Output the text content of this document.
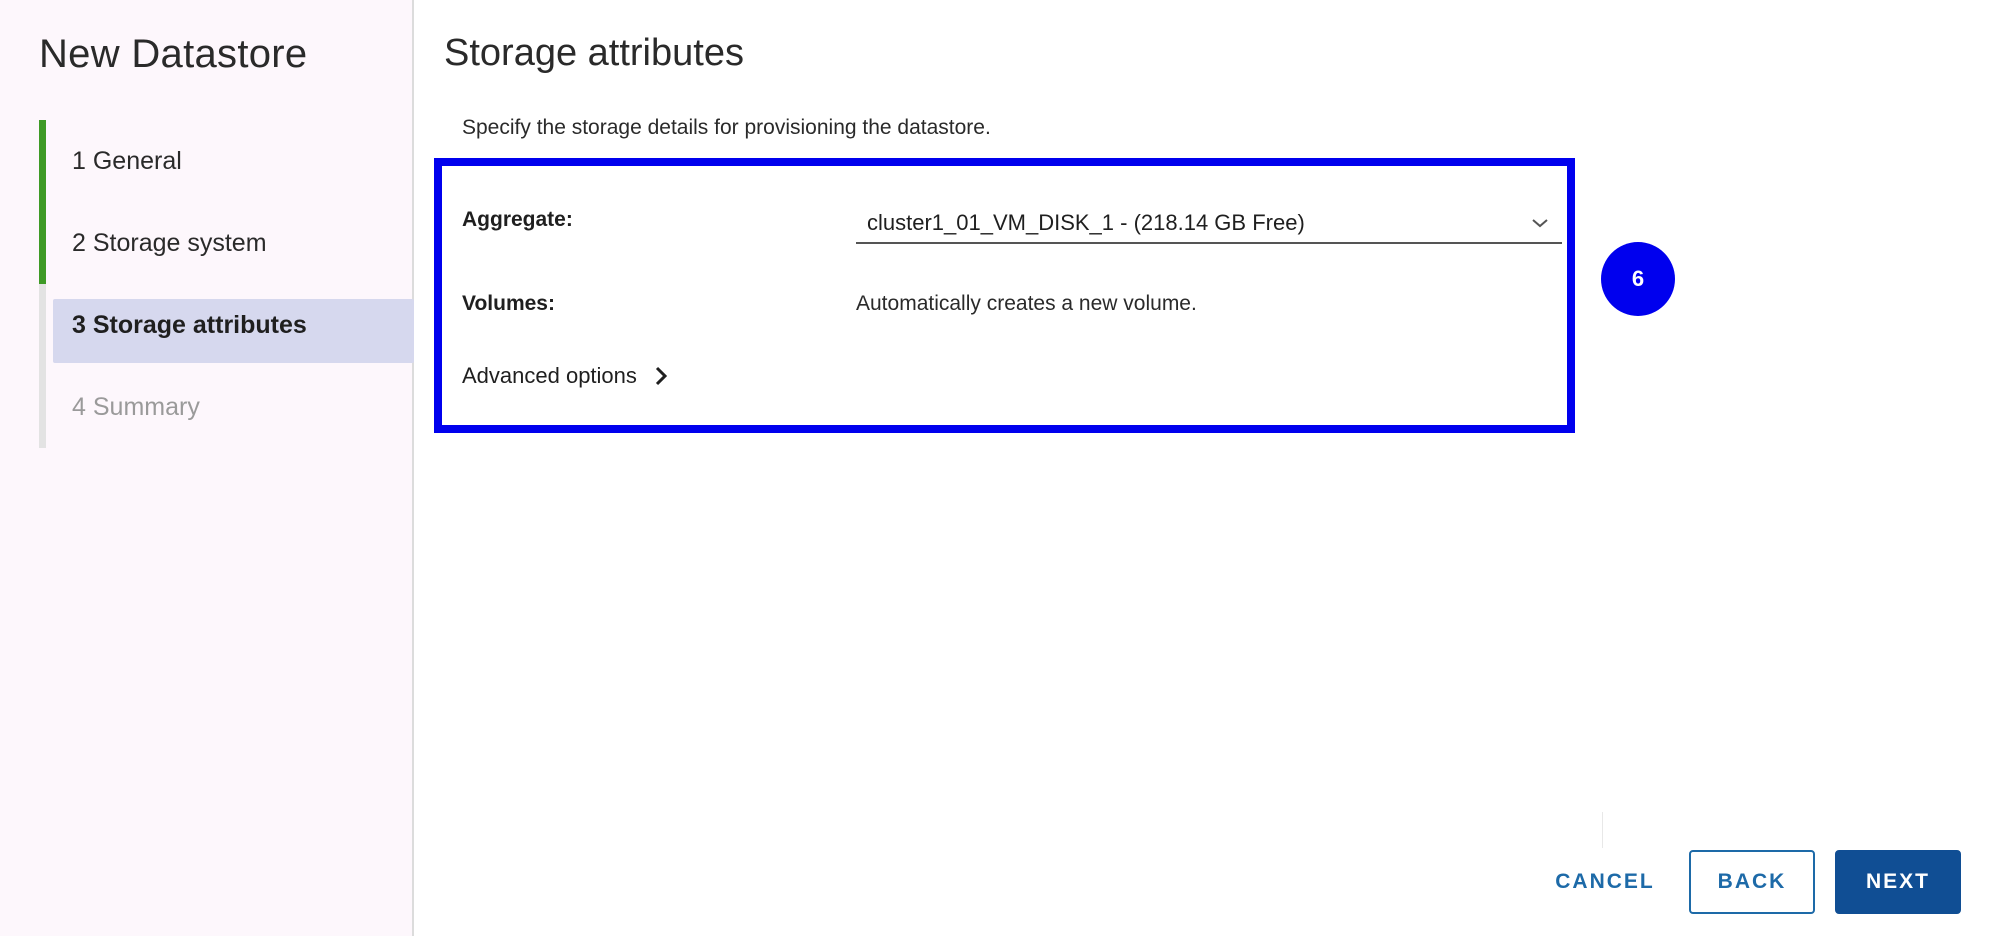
New Datastore
1 General
2 Storage system
3 Storage attributes
4 Summary
Storage attributes
Specify the storage details for provisioning the datastore.
Aggregate:	cluster1_01_VM_DISK_1 - (218.14 GB Free)
Volumes:	Automatically creates a new volume.
Advanced options
6
CANCEL	BACK	NEXT
